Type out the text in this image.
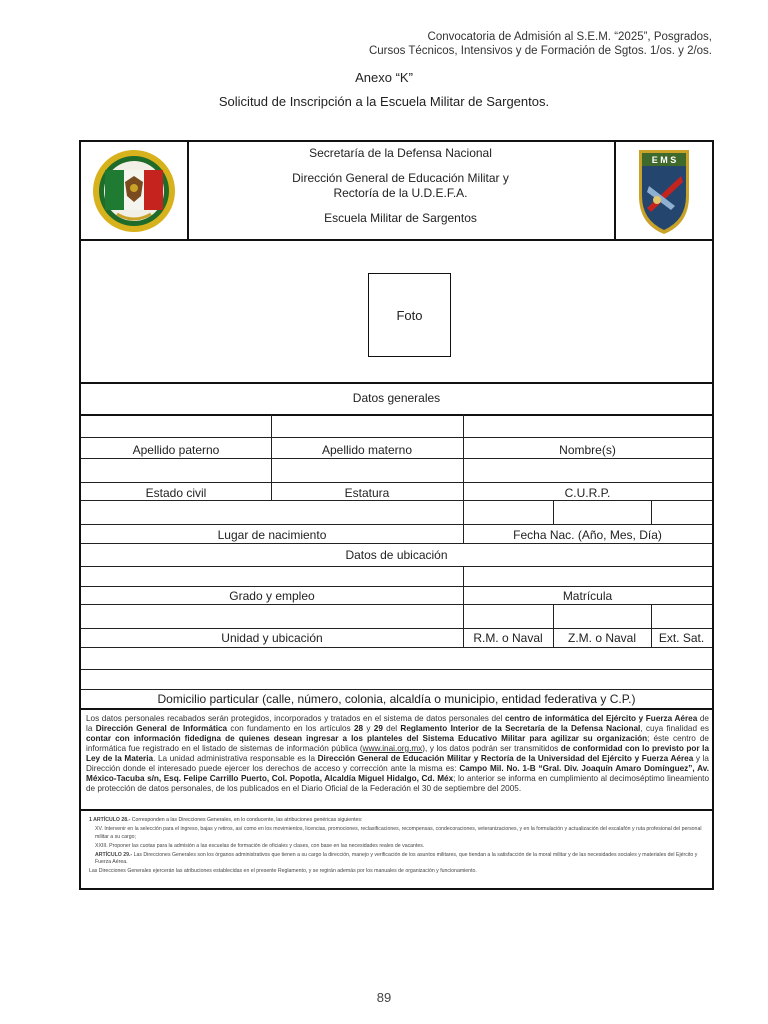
Convocatoria de Admisión al S.E.M. “2025”, Posgrados,
Cursos Técnicos, Intensivos y de Formación de Sgtos. 1/os. y 2/os.
Anexo “K”
Solicitud de Inscripción a la Escuela Militar de Sargentos.
Secretaría de la Defensa Nacional
Dirección General de Educación Militar y
Rectoría de la U.D.E.F.A.
Escuela Militar de Sargentos
E M S
Foto
Datos generales
Apellido paterno	Apellido materno	Nombre(s)
Estado civil	Estatura	C.U.R.P.
Lugar de nacimiento	Fecha Nac. (Año, Mes, Día)
Datos de ubicación
Grado y empleo	Matrícula
Unidad y ubicación	R.M. o Naval	Z.M. o Naval	Ext. Sat.
Domicilio particular (calle, número, colonia, alcaldía o municipio, entidad federativa y C.P.)
Los datos personales recabados serán protegidos, incorporados y tratados en el sistema de datos personales del centro de informática del Ejército y Fuerza Aérea de la Dirección General de Informática con fundamento en los artículos 28 y 29 del Reglamento Interior de la Secretaría de la Defensa Nacional, cuya finalidad es contar con información fidedigna de quienes desean ingresar a los planteles del Sistema Educativo Militar para agilizar su organización; éste centro de informática fue registrado en el listado de sistemas de información pública (www.inai.org.mx), y los datos podrán ser transmitidos de conformidad con lo previsto por la Ley de la Materia. La unidad administrativa responsable es la Dirección General de Educación Militar y Rectoría de la Universidad del Ejército y Fuerza Aérea y la Dirección donde el interesado puede ejercer los derechos de acceso y corrección ante la misma es: Campo Mil. No. 1-B “Gral. Div. Joaquín Amaro Domínguez”, Av. México-Tacuba s/n, Esq. Felipe Carrillo Puerto, Col. Popotla, Alcaldía Miguel Hidalgo, Cd. Méx; lo anterior se informa en cumplimiento al decimoséptimo lineamiento de protección de datos personales, de los publicados en el Diario Oficial de la Federación el 30 de septiembre del 2005.

1 ARTÍCULO 28.- Corresponden a las Direcciones Generales, en lo conducente, las atribuciones genéricas siguientes:

XV. Intervenir en la selección para el ingreso, bajas y retiros, así como en los movimientos, licencias, promociones, reclasificaciones, recompensas, condecoraciones, veteranizaciones, y en la formulación y actualización del escalafón y ruta profesional del personal militar a su cargo;

XXIII. Proponer las cuotas para la admisión a las escuelas de formación de oficiales y clases, con base en las necesidades reales de vacantes.

ARTÍCULO 29.- Las Direcciones Generales son los órganos administrativos que tienen a su cargo la dirección, manejo y verificación de los asuntos militares, que tiendan a la satisfacción de la moral militar y de las necesidades sociales y materiales del Ejército y Fuerza Aérea.

Las Direcciones Generales ejercerán las atribuciones establecidas en el presente Reglamento, y se regirán además por los manuales de organización y funcionamiento.

89
